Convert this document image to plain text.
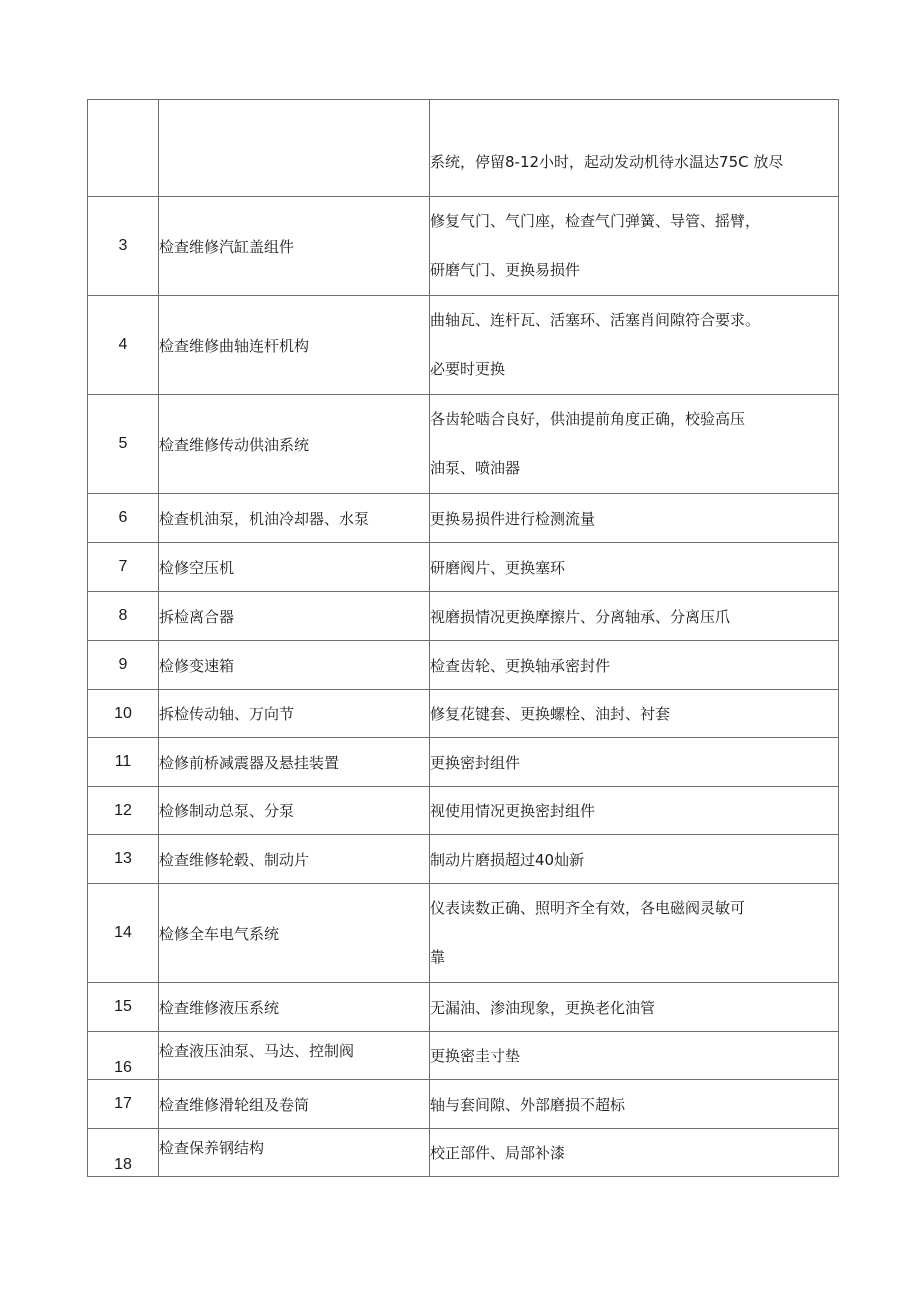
		系统，停留8-12小时，起动发动机待水温达75C 放尽

3	检查维修汽缸盖组件	修复气门、气门座，检查气门弹簧、导管、摇臂，
研磨气门、更换易损件

4	检查维修曲轴连杆机构	曲轴瓦、连杆瓦、活塞环、活塞肖间隙符合要求。
必要时更换

5	检查维修传动供油系统	各齿轮啮合良好，供油提前角度正确，校验高压
油泵、喷油器

6	检查机油泵，机油冷却器、水泵	更换易损件进行检测流量

7	检修空压机	研磨阀片、更换塞环

8	拆检离合器	视磨损情况更换摩擦片、分离轴承、分离压爪

9	检修变速箱	检查齿轮、更换轴承密封件

10	拆检传动轴、万向节	修复花键套、更换螺栓、油封、衬套

11	检修前桥减震器及悬挂装置	更换密封组件

12	检修制动总泵、分泵	视使用情况更换密封组件

13	检查维修轮毂、制动片	制动片磨损超过40灿新

14	检修全车电气系统	仪表读数正确、照明齐全有效，各电磁阀灵敏可
靠

15	检查维修液压系统	无漏油、渗油现象，更换老化油管

16	检查液压油泵、马达、控制阀	更换密圭寸垫

17	检查维修滑轮组及卷筒	轴与套间隙、外部磨损不超标

18	检查保养钢结构	校正部件、局部补漆
